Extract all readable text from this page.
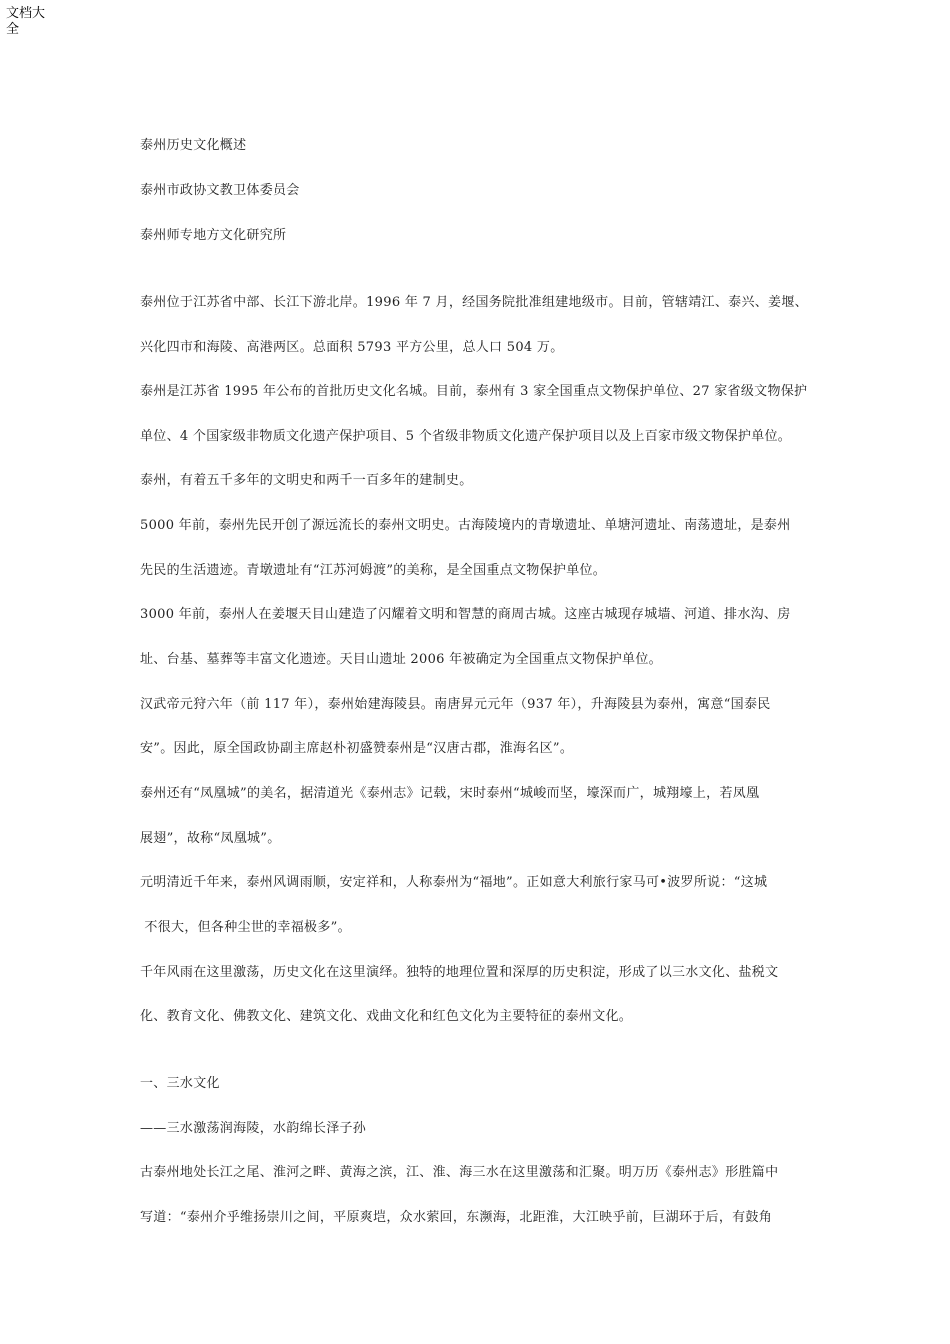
文档大全
泰州历史文化概述
泰州市政协文教卫体委员会
泰州师专地方文化研究所
泰州位于江苏省中部、长江下游北岸。1996 年 7 月，经国务院批准组建地级市。目前，管辖靖江、泰兴、姜堰、
兴化四市和海陵、高港两区。总面积 5793 平方公里，总人口 504 万。
泰州是江苏省 1995 年公布的首批历史文化名城。目前，泰州有 3 家全国重点文物保护单位、27 家省级文物保护
单位、4 个国家级非物质文化遗产保护项目、5 个省级非物质文化遗产保护项目以及上百家市级文物保护单位。
泰州，有着五千多年的文明史和两千一百多年的建制史。
5000 年前，泰州先民开创了源远流长的泰州文明史。古海陵境内的青墩遗址、单塘河遗址、南荡遗址，是泰州
先民的生活遗迹。青墩遗址有“江苏河姆渡”的美称，是全国重点文物保护单位。
3000 年前，泰州人在姜堰天目山建造了闪耀着文明和智慧的商周古城。这座古城现存城墙、河道、排水沟、房
址、台基、墓葬等丰富文化遗迹。天目山遗址 2006 年被确定为全国重点文物保护单位。
汉武帝元狩六年（前 117 年），泰州始建海陵县。南唐昇元元年（937 年），升海陵县为泰州，寓意“国泰民
安”。因此，原全国政协副主席赵朴初盛赞泰州是“汉唐古郡，淮海名区”。
泰州还有“凤凰城”的美名，据清道光《泰州志》记载，宋时泰州“城峻而坚，壕深而广，城翔壕上，若凤凰
展翅”，故称“凤凰城”。
元明清近千年来，泰州风调雨顺，安定祥和，人称泰州为“福地”。正如意大利旅行家马可•波罗所说：“这城
不很大，但各种尘世的幸福极多”。
千年风雨在这里激荡，历史文化在这里演绎。独特的地理位置和深厚的历史积淀，形成了以三水文化、盐税文
化、教育文化、佛教文化、建筑文化、戏曲文化和红色文化为主要特征的泰州文化。
一、三水文化
——三水激荡润海陵，水韵绵长泽子孙
古泰州地处长江之尾、淮河之畔、黄海之滨，江、淮、海三水在这里激荡和汇聚。明万历《泰州志》形胜篇中
写道：“泰州介乎维扬崇川之间，平原爽垲，众水萦回，东濒海，北距淮，大江映乎前，巨湖环于后，有鼓角
